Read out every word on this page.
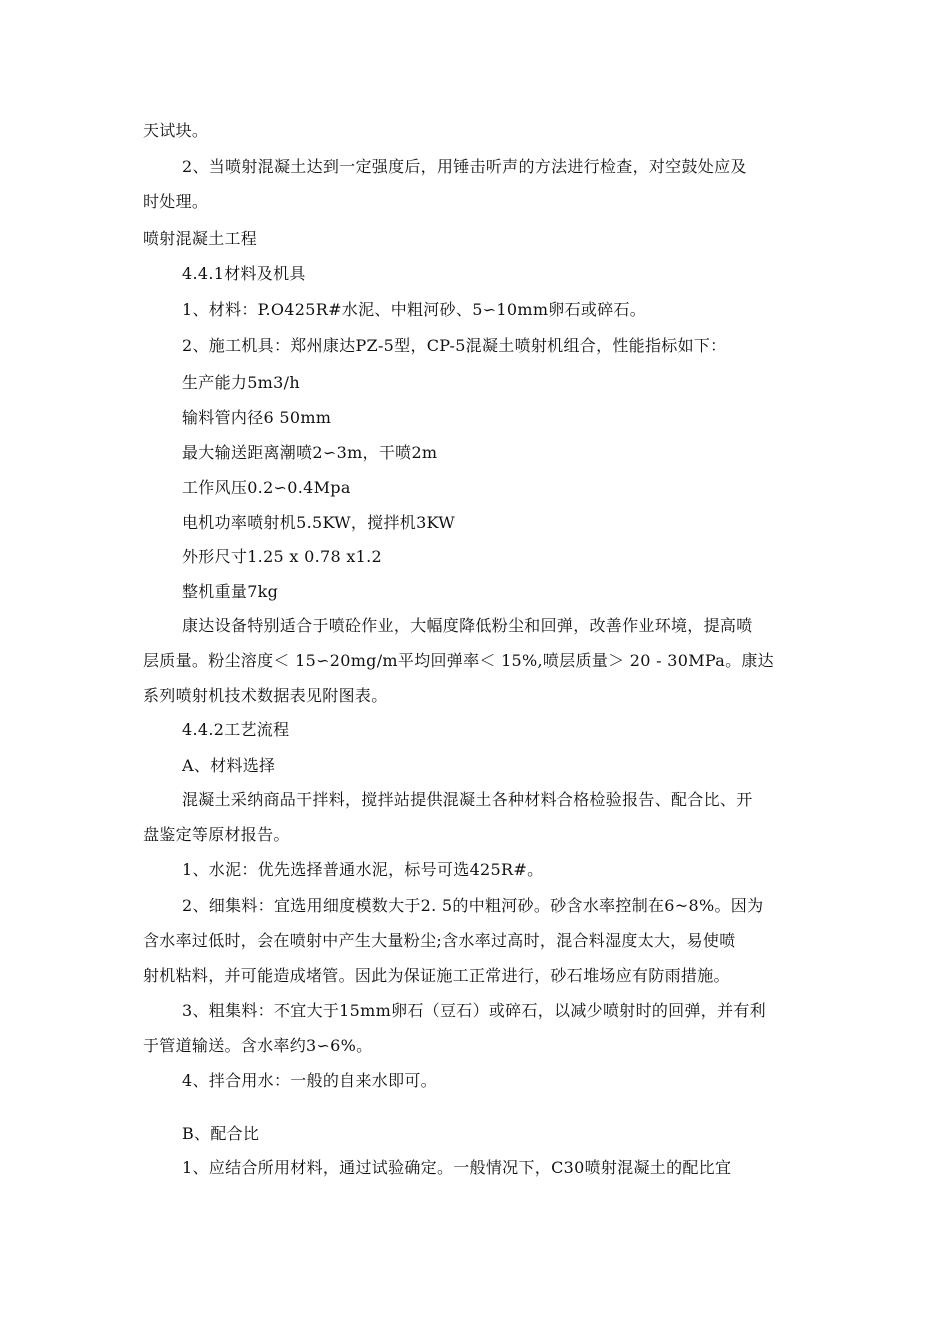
天试块。
2、当喷射混凝土达到一定强度后，用锤击听声的方法进行检查，对空鼓处应及
时处理。
喷射混凝土工程
4.4.1材料及机具
1、材料：P.O425R#水泥、中粗河砂、5∽10mm卵石或碎石。
2、施工机具：郑州康达PZ-5型，CP-5混凝土喷射机组合，性能指标如下：
生产能力5m3/h
输料管内径6 50mm
最大输送距离潮喷2∽3m，干喷2m
工作风压0.2∽0.4Mpa
电机功率喷射机5.5KW，搅拌机3KW
外形尺寸1.25 x 0.78 x1.2
整机重量7kg
康达设备特别适合于喷砼作业，大幅度降低粉尘和回弹，改善作业环境，提高喷
层质量。粉尘溶度＜ 15∽20mg/m平均回弹率＜ 15%,喷层质量＞ 20 - 30MPa。康达
系列喷射机技术数据表见附图表。
4.4.2工艺流程
A、材料选择
混凝土采纳商品干拌料，搅拌站提供混凝土各种材料合格检验报告、配合比、开
盘鉴定等原材报告。
1、水泥：优先选择普通水泥，标号可选425R#。
2、细集料：宜选用细度模数大于2. 5的中粗河砂。砂含水率控制在6~8%。因为
含水率过低时，会在喷射中产生大量粉尘;含水率过高时，混合料湿度太大，易使喷
射机粘料，并可能造成堵管。因此为保证施工正常进行，砂石堆场应有防雨措施。
3、粗集料：不宜大于15mm卵石（豆石）或碎石，以减少喷射时的回弹，并有利
于管道输送。含水率约3∽6%。
4、拌合用水：一般的自来水即可。
B、配合比
1、应结合所用材料，通过试验确定。一般情况下，C30喷射混凝土的配比宜
